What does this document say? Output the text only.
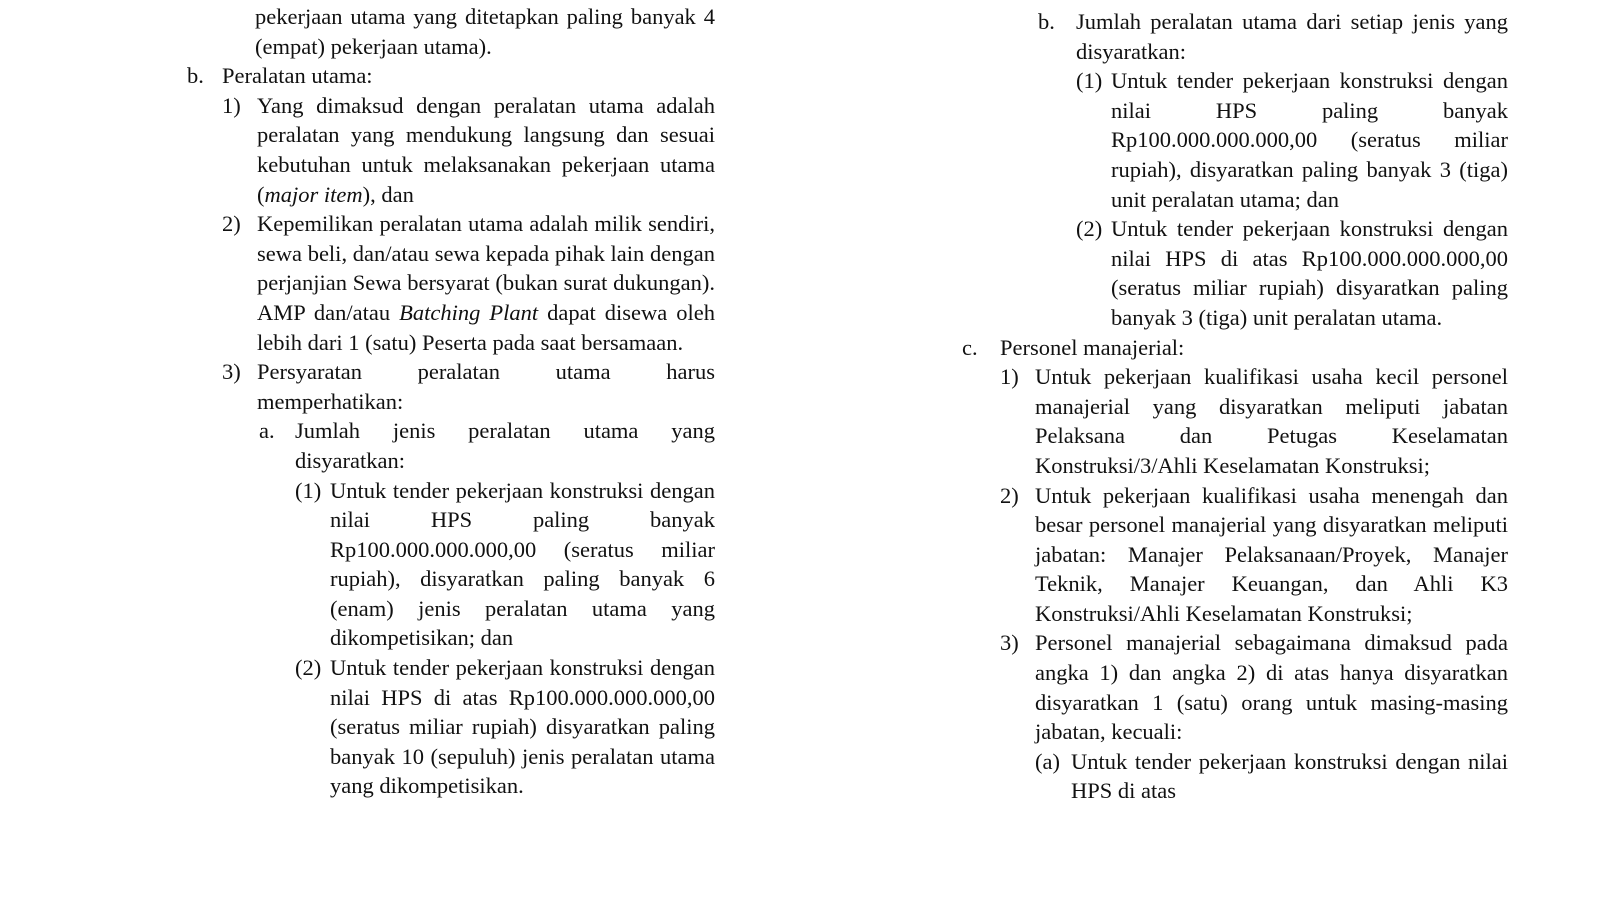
pekerjaan utama yang ditetapkan paling banyak 4 (empat) pekerjaan utama).
b. Peralatan utama:
1) Yang dimaksud dengan peralatan utama adalah peralatan yang mendukung langsung dan sesuai kebutuhan untuk melaksanakan pekerjaan utama (major item), dan
2) Kepemilikan peralatan utama adalah milik sendiri, sewa beli, dan/atau sewa kepada pihak lain dengan perjanjian Sewa bersyarat (bukan surat dukungan). AMP dan/atau Batching Plant dapat disewa oleh lebih dari 1 (satu) Peserta pada saat bersamaan.
3) Persyaratan peralatan utama harus memperhatikan:
a. Jumlah jenis peralatan utama yang disyaratkan:
(1) Untuk tender pekerjaan konstruksi dengan nilai HPS paling banyak Rp100.000.000.000,00 (seratus miliar rupiah), disyaratkan paling banyak 6 (enam) jenis peralatan utama yang dikompetisikan; dan
(2) Untuk tender pekerjaan konstruksi dengan nilai HPS di atas Rp100.000.000.000,00 (seratus miliar rupiah) disyaratkan paling banyak 10 (sepuluh) jenis peralatan utama yang dikompetisikan.
b. Jumlah peralatan utama dari setiap jenis yang disyaratkan:
(1) Untuk tender pekerjaan konstruksi dengan nilai HPS paling banyak Rp100.000.000.000,00 (seratus miliar rupiah), disyaratkan paling banyak 3 (tiga) unit peralatan utama; dan
(2) Untuk tender pekerjaan konstruksi dengan nilai HPS di atas Rp100.000.000.000,00 (seratus miliar rupiah) disyaratkan paling banyak 3 (tiga) unit peralatan utama.
c. Personel manajerial:
1) Untuk pekerjaan kualifikasi usaha kecil personel manajerial yang disyaratkan meliputi jabatan Pelaksana dan Petugas Keselamatan Konstruksi/3/Ahli Keselamatan Konstruksi;
2) Untuk pekerjaan kualifikasi usaha menengah dan besar personel manajerial yang disyaratkan meliputi jabatan: Manajer Pelaksanaan/Proyek, Manajer Teknik, Manajer Keuangan, dan Ahli K3 Konstruksi/Ahli Keselamatan Konstruksi;
3) Personel manajerial sebagaimana dimaksud pada angka 1) dan angka 2) di atas hanya disyaratkan disyaratkan 1 (satu) orang untuk masing-masing jabatan, kecuali:
(a) Untuk tender pekerjaan konstruksi dengan nilai HPS di atas
